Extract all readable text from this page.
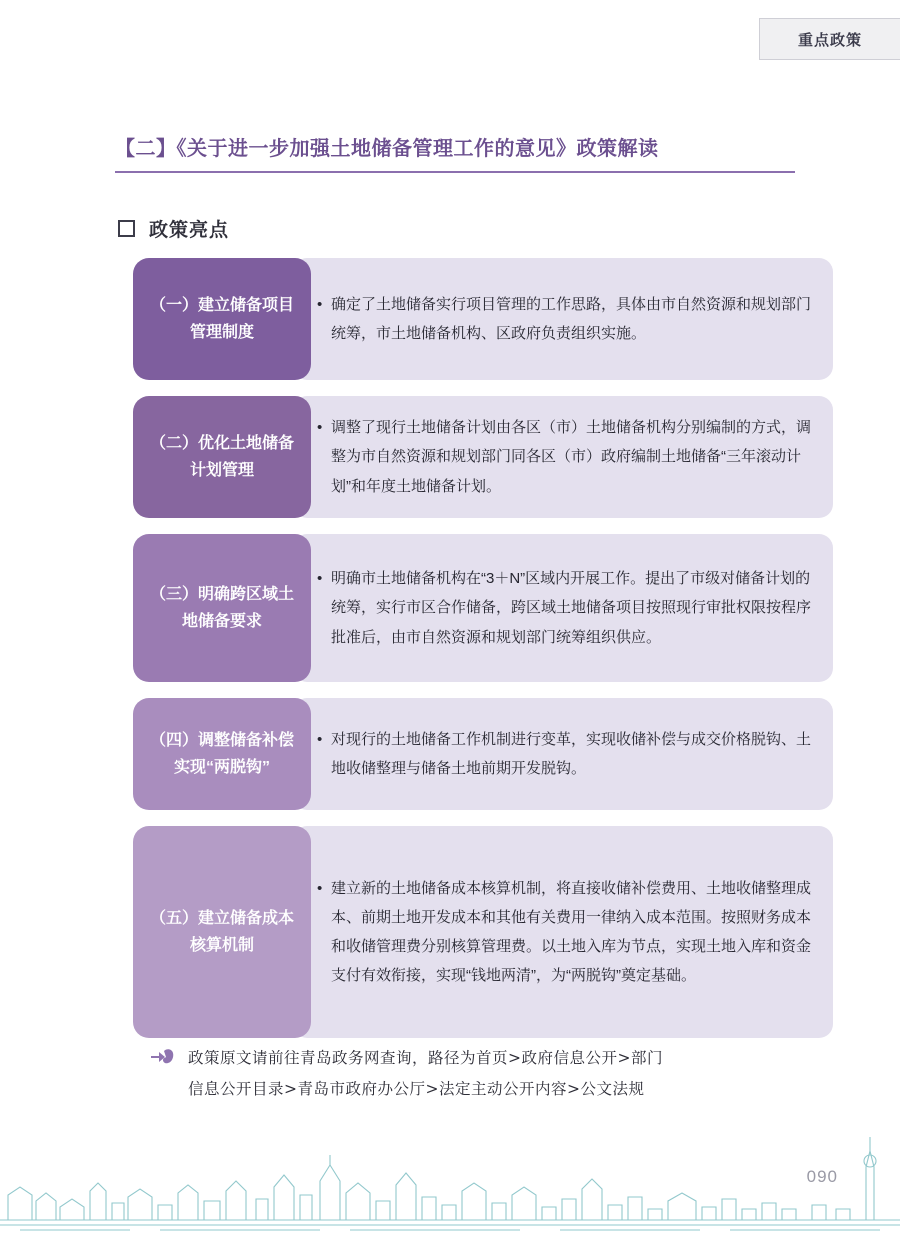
重点政策
【二】《关于进一步加强土地储备管理工作的意见》政策解读
政策亮点
（一）建立储备项目管理制度
• 确定了土地储备实行项目管理的工作思路，具体由市自然资源和规划部门统筹，市土地储备机构、区政府负责组织实施。
（二）优化土地储备计划管理
• 调整了现行土地储备计划由各区（市）土地储备机构分别编制的方式，调整为市自然资源和规划部门同各区（市）政府编制土地储备“三年滚动计划”和年度土地储备计划。
（三）明确跨区域土地储备要求
• 明确市土地储备机构在“3＋N”区域内开展工作。提出了市级对储备计划的统筹，实行市区合作储备，跨区域土地储备项目按照现行审批权限按程序批准后，由市自然资源和规划部门统筹组织供应。
（四）调整储备补偿实现“两脱钩”
• 对现行的土地储备工作机制进行变革，实现收储补偿与成交价格脱钩、土地收储整理与储备土地前期开发脱钩。
（五）建立储备成本核算机制
• 建立新的土地储备成本核算机制，将直接收储补偿费用、土地收储整理成本、前期土地开发成本和其他有关费用一律纳入成本范围。按照财务成本和收储管理费分别核算管理费。以土地入库为节点，实现土地入库和资金支付有效衔接，实现“钱地两清”，为“两脱钩”奠定基础。
政策原文请前往青岛政务网查询，路径为首页>政府信息公开>部门
信息公开目录>青岛市政府办公厅>法定主动公开内容>公文法规
090
